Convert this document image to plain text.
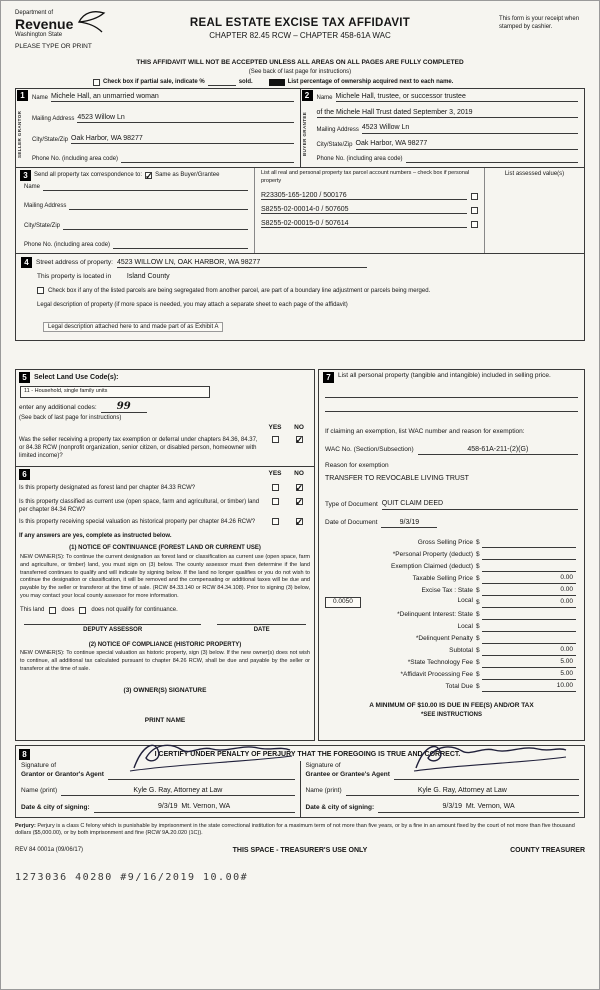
Department of
Revenue
Washington State
REAL ESTATE EXCISE TAX AFFIDAVIT
CHAPTER 82.45 RCW – CHAPTER 458-61A WAC
This form is your receipt when stamped by cashier.
PLEASE TYPE OR PRINT
THIS AFFIDAVIT WILL NOT BE ACCEPTED UNLESS ALL AREAS ON ALL PAGES ARE FULLY COMPLETED
(See back of last page for instructions)
Check box if partial sale, indicate %	sold.	List percentage of ownership acquired next to each name.
1
SELLER GRANTOR
Name Michele Hall, an unmarried woman
Mailing Address 4523 Willow Ln
City/State/Zip Oak Harbor, WA 98277
Phone No. (including area code)
2
BUYER GRANTEE
Name Michele Hall, trustee, or successor trustee
of the Michele Hall Trust dated September 3, 2019
Mailing Address 4523 Willow Ln
City/State/Zip Oak Harbor, WA 98277
Phone No. (including area code)
3	Send all property tax correspondence to: ✓ Same as Buyer/Grantee
Name
Mailing Address
City/State/Zip
Phone No. (including area code)
List all real and personal property tax parcel account numbers – check box if personal property
R23305-165-1200 / 500176
S8255-02-00014-0 / 507605
S8255-02-00015-0 / 507614
List assessed value(s)
4	Street address of property: 4523 WILLOW LN, OAK HARBOR, WA 98277
This property is located in Island County
Check box if any of the listed parcels are being segregated from another parcel, are part of a boundary line adjustment or parcels being merged.
Legal description of property (if more space is needed, you may attach a separate sheet to each page of the affidavit)
Legal description attached here to and made part of as Exhibit A
5	Select Land Use Code(s):
11 - Household, single family units
enter any additional codes:	99
(See back of last page for instructions)
YES	NO
Was the seller receiving a property tax exemption or deferral under chapters 84.36, 84.37, or 84.38 RCW (nonprofit organization, senior citizen, or disabled person, homeowner with limited income)?
✓
6	YES	NO
Is this property designated as forest land per chapter 84.33 RCW?
✓
Is this property classified as current use (open space, farm and agricultural, or timber) land per chapter 84.34 RCW?
✓
Is this property receiving special valuation as historical property per chapter 84.26 RCW?
✓
If any answers are yes, complete as instructed below.
(1) NOTICE OF CONTINUANCE (FOREST LAND OR CURRENT USE)
NEW OWNER(S): To continue the current designation as forest land or classification as current use (open space, farm and agriculture, or timber) land, you must sign on (3) below. The county assessor must then determine if the land transferred continues to qualify and will indicate by signing below. If the land no longer qualifies or you do not wish to continue the designation or classification, it will be removed and the compensating or additional taxes will be due and payable by the seller or transferor at the time of sale. (RCW 84.33.140 or RCW 84.34.108). Prior to signing (3) below, you may contact your local county assessor for more information.
This land	does	does not qualify for continuance.
DEPUTY ASSESSOR	DATE
(2) NOTICE OF COMPLIANCE (HISTORIC PROPERTY)
NEW OWNER(S): To continue special valuation as historic property, sign (3) below. If the new owner(s) does not wish to continue, all additional tax calculated pursuant to chapter 84.26 RCW, shall be due and payable by the seller or transferor at the time of sale.
(3) OWNER(S) SIGNATURE
PRINT NAME
7	List all personal property (tangible and intangible) included in selling price.
If claiming an exemption, list WAC number and reason for exemption:
WAC No. (Section/Subsection)	458-61A-211-(2)(G)
Reason for exemption
TRANSFER TO REVOCABLE LIVING TRUST
Type of Document QUIT CLAIM DEED
Date of Document	9/3/19
Gross Selling Price $
*Personal Property (deduct) $
Exemption Claimed (deduct) $
Taxable Selling Price $	0.00
Excise Tax : State $	0.00
0.0050	Local $	0.00
*Delinquent Interest: State $
Local $
*Delinquent Penalty $
Subtotal $	0.00
*State Technology Fee $	5.00
*Affidavit Processing Fee $	5.00
Total Due $	10.00
A MINIMUM OF $10.00 IS DUE IN FEE(S) AND/OR TAX
*SEE INSTRUCTIONS
8	I CERTIFY UNDER PENALTY OF PERJURY THAT THE FOREGOING IS TRUE AND CORRECT.
Signature of
Grantor or Grantor's Agent
Name (print)	Kyle G. Ray, Attorney at Law
Date & city of signing:	9/3/19 Mt. Vernon, WA
Signature of
Grantee or Grantee's Agent
Name (print)	Kyle G. Ray, Attorney at Law
Date & city of signing:	9/3/19 Mt. Vernon, WA
Perjury: Perjury is a class C felony which is punishable by imprisonment in the state correctional institution for a maximum term of not more than five years, or by a fine in an amount fixed by the court of not more than five thousand dollars ($5,000.00), or by both imprisonment and fine (RCW 9A.20.020 (1C)).
REV 84 0001a (09/06/17)	THIS SPACE - TREASURER'S USE ONLY	COUNTY TREASURER
1273036 40280 #9/16/2019 10.00#
